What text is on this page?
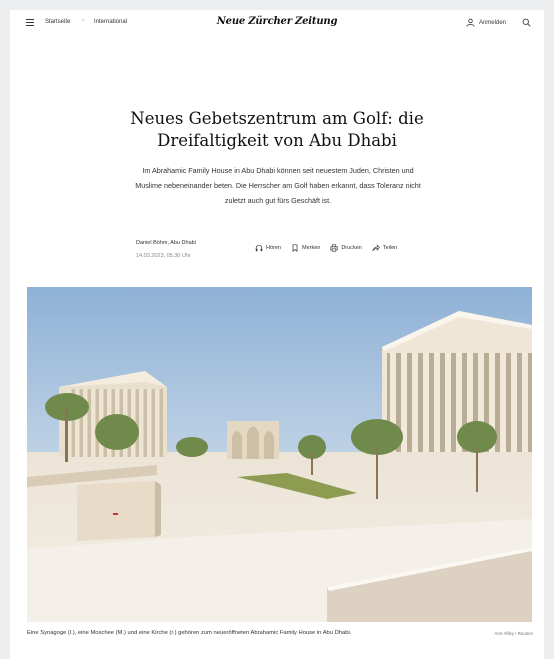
Startseite › International	Neue Zürcher Zeitung	Anmelden
Neues Gebetszentrum am Golf: die Dreifaltigkeit von Abu Dhabi

Im Abrahamic Family House in Abu Dhabi können seit neuestem Juden, Christen und Muslime nebeneinander beten. Die Herrscher am Golf haben erkannt, dass Toleranz nicht zuletzt auch gut fürs Geschäft ist.

Daniel Böhm, Abu Dhabi
14.03.2023, 05.30 Uhr
Hören	Merken	Drucken	Teilen
Eine Synagoge (l.), eine Moschee (M.) und eine Kirche (r.) gehören zum neueröffneten Abrahamic Family House in Abu Dhabi.	Amr Alfiky / Reuters
